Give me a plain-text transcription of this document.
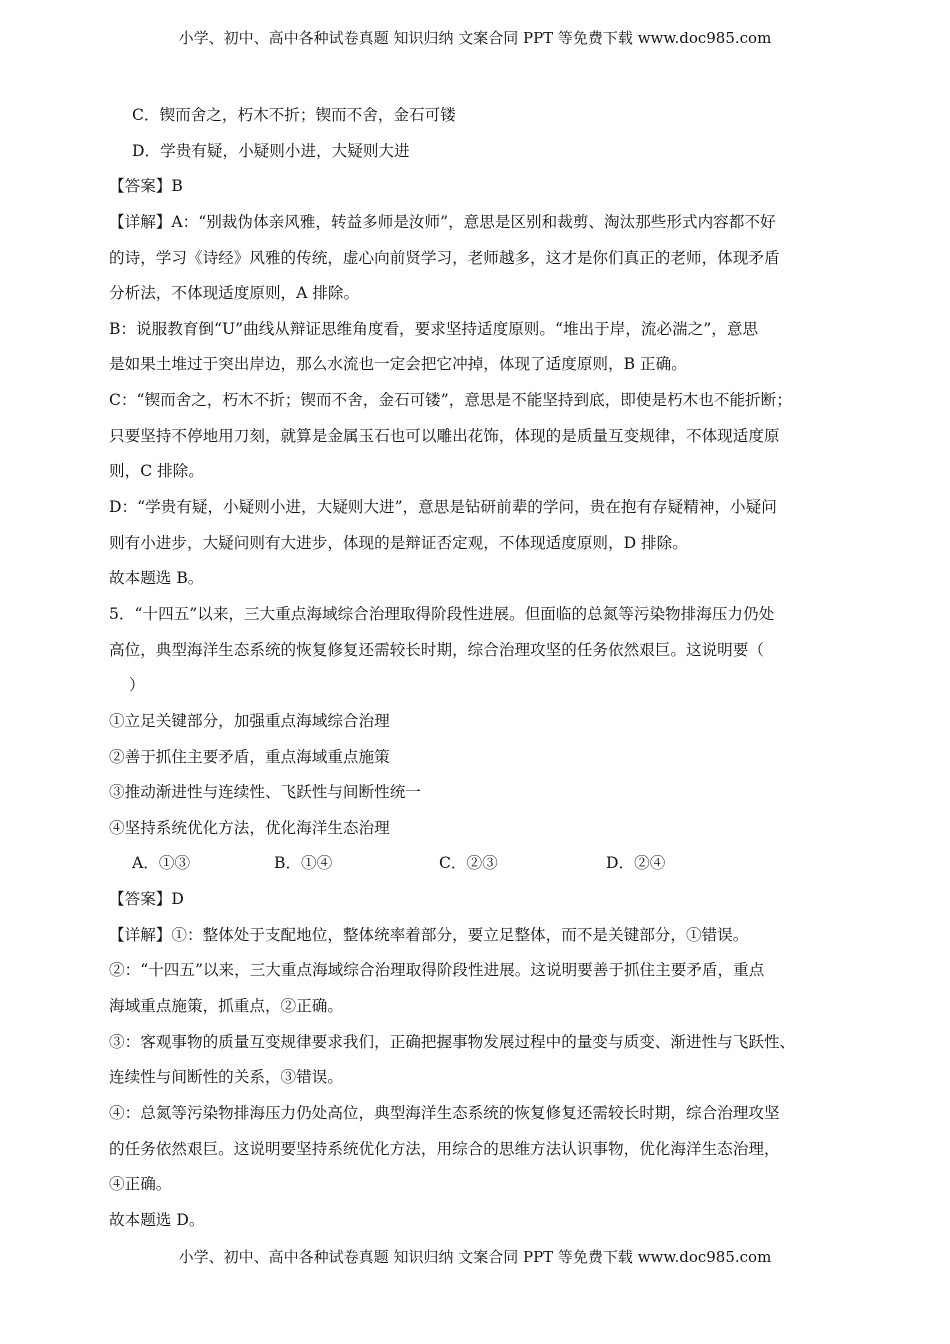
小学、初中、高中各种试卷真题 知识归纳 文案合同 PPT 等免费下载 www.doc985.com
C．锲而舍之，朽木不折；锲而不舍，金石可镂
D．学贵有疑，小疑则小进，大疑则大进
【答案】B
【详解】A：“别裁伪体亲风雅，转益多师是汝师”，意思是区别和裁剪、淘汰那些形式内容都不好
的诗，学习《诗经》风雅的传统，虚心向前贤学习，老师越多，这才是你们真正的老师，体现矛盾
分析法，不体现适度原则，A 排除。
B：说服教育倒“U”曲线从辩证思维角度看，要求坚持适度原则。“堆出于岸，流必湍之”，意思
是如果土堆过于突出岸边，那么水流也一定会把它冲掉，体现了适度原则，B 正确。
C：“锲而舍之，朽木不折；锲而不舍，金石可镂”，意思是不能坚持到底，即使是朽木也不能折断；
只要坚持不停地用刀刻，就算是金属玉石也可以雕出花饰，体现的是质量互变规律，不体现适度原
则，C 排除。
D：“学贵有疑，小疑则小进，大疑则大进”，意思是钻研前辈的学问，贵在抱有存疑精神，小疑问
则有小进步，大疑问则有大进步，体现的是辩证否定观，不体现适度原则，D 排除。
故本题选 B。
5．“十四五”以来，三大重点海域综合治理取得阶段性进展。但面临的总氮等污染物排海压力仍处
高位，典型海洋生态系统的恢复修复还需较长时期，综合治理攻坚的任务依然艰巨。这说明要（
）
①立足关键部分，加强重点海域综合治理
②善于抓住主要矛盾，重点海域重点施策
③推动渐进性与连续性、飞跃性与间断性统一
④坚持系统优化方法，优化海洋生态治理
A．①③	B．①④	C．②③	D．②④
【答案】D
【详解】①：整体处于支配地位，整体统率着部分，要立足整体，而不是关键部分，①错误。
②：“十四五”以来，三大重点海域综合治理取得阶段性进展。这说明要善于抓住主要矛盾，重点
海域重点施策，抓重点，②正确。
③：客观事物的质量互变规律要求我们，正确把握事物发展过程中的量变与质变、渐进性与飞跃性、
连续性与间断性的关系，③错误。
④：总氮等污染物排海压力仍处高位，典型海洋生态系统的恢复修复还需较长时期，综合治理攻坚
的任务依然艰巨。这说明要坚持系统优化方法，用综合的思维方法认识事物，优化海洋生态治理，
④正确。
故本题选 D。
小学、初中、高中各种试卷真题 知识归纳 文案合同 PPT 等免费下载 www.doc985.com
